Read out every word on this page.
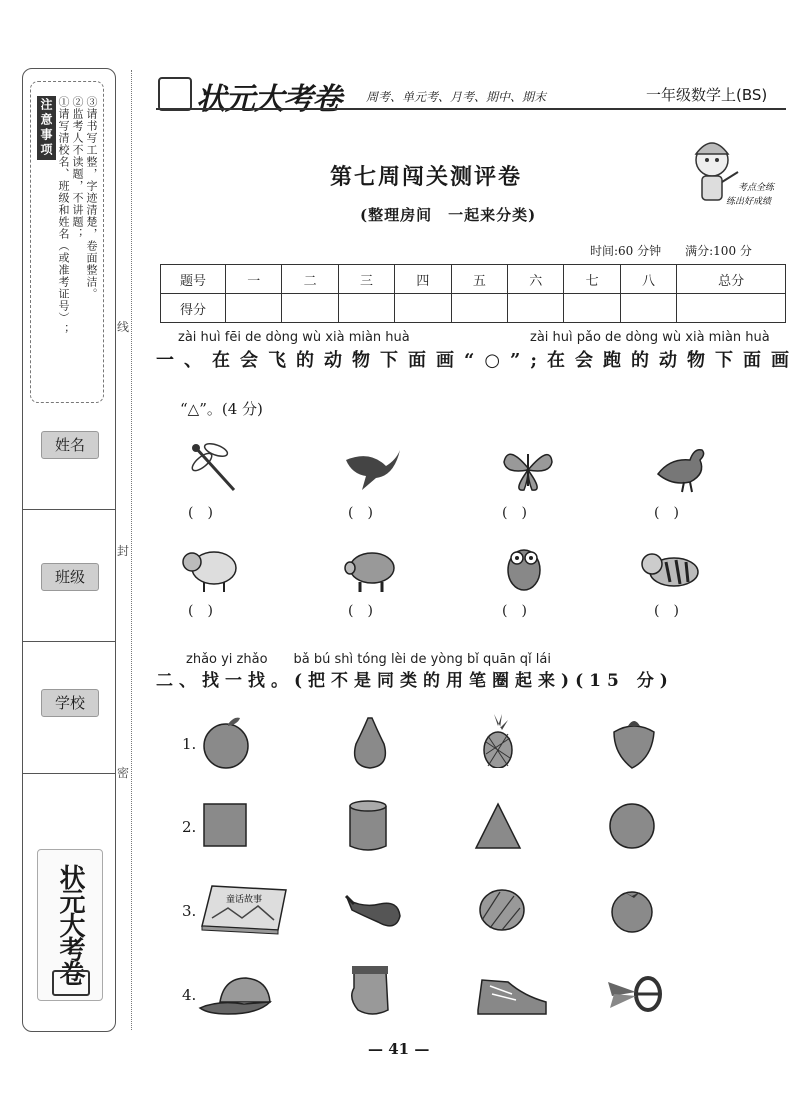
注意事项 ①请写清校名、班级和姓名（或准考证号）； ②监考人不读题，不讲题； ③请书写工整，字迹清楚，卷面整洁。
姓名
班级
学校
状元大考卷
线
封
密
状元大考卷 周考、单元考、月考、期中、期末	一年级数学上(BS)
第七周闯关测评卷
(整理房间　一起来分类)
考点全练
练出好成绩
时间:60 分钟　　满分:100 分
题号	一	二	三	四	五	六	七	八	总分
得分									
zài huì fēi de dòng wù xià miàn huà	zài huì pǎo de dòng wù xià miàn huà
一、在会飞的动物下面画“○”;在会跑的动物下面画
“△”。(4 分)
(　)	(　)	(　)	(　)
(　)	(　)	(　)	(　)
zhǎo yi zhǎo　　bǎ bú shì tóng lèi de yòng bǐ quān qǐ lái
二、找一找。(把不是同类的用笔圈起来)(15 分)
1.
2.
3.
4.
童话故事
— 41 —
